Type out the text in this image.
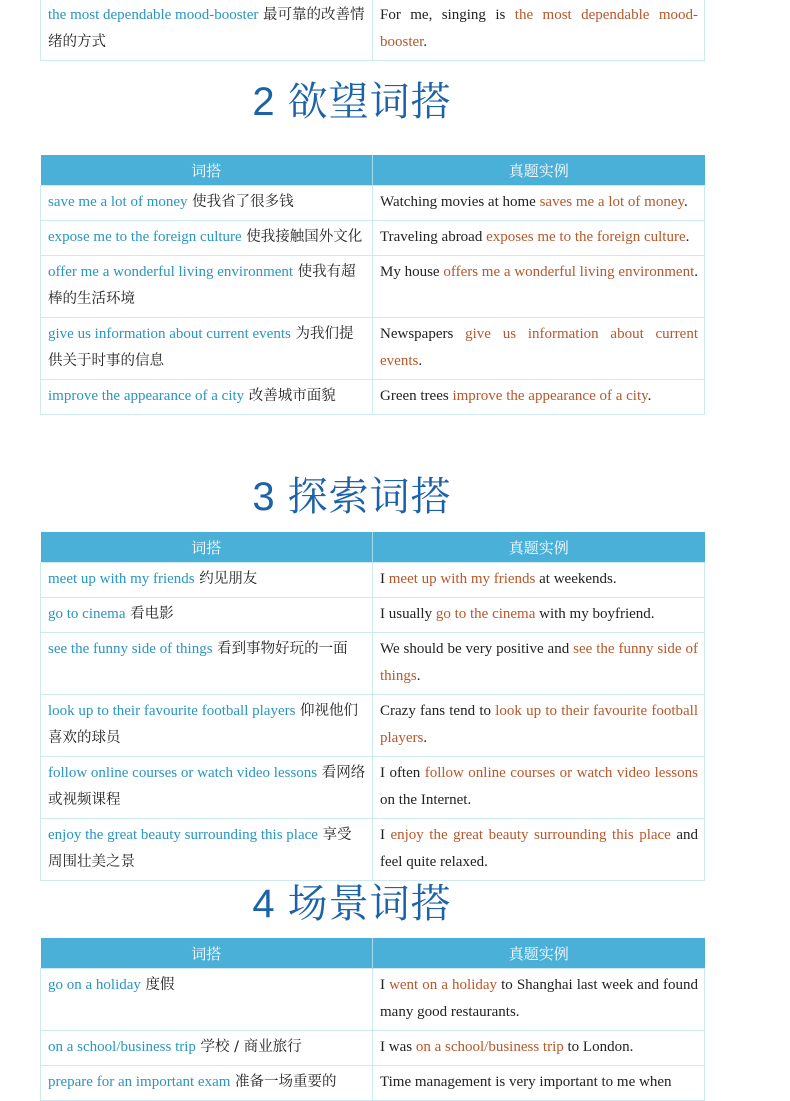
the most dependable mood-booster 最可靠的改善情绪的方式	For me, singing is the most dependable mood-booster.
2 欲望词搭
词搭	真题实例
save me a lot of money 使我省了很多钱	Watching movies at home saves me a lot of money.
expose me to the foreign culture 使我接触国外文化	Traveling abroad exposes me to the foreign culture.
offer me a wonderful living environment 使我有超棒的生活环境	My house offers me a wonderful living environment.
give us information about current events 为我们提供关于时事的信息	Newspapers give us information about current events.
improve the appearance of a city 改善城市面貌	Green trees improve the appearance of a city.
3 探索词搭
词搭	真题实例
meet up with my friends 约见朋友	I meet up with my friends at weekends.
go to cinema 看电影	I usually go to the cinema with my boyfriend.
see the funny side of things 看到事物好玩的一面	We should be very positive and see the funny side of things.
look up to their favourite football players 仰视他们喜欢的球员	Crazy fans tend to look up to their favourite football players.
follow online courses or watch video lessons 看网络或视频课程	I often follow online courses or watch video lessons on the Internet.
enjoy the great beauty surrounding this place 享受周围壮美之景	I enjoy the great beauty surrounding this place and feel quite relaxed.
4 场景词搭
词搭	真题实例
go on a holiday 度假	I went on a holiday to Shanghai last week and found many good restaurants.
on a school/business trip 学校 / 商业旅行	I was on a school/business trip to London.
prepare for an important exam 准备一场重要的	Time management is very important to me when
